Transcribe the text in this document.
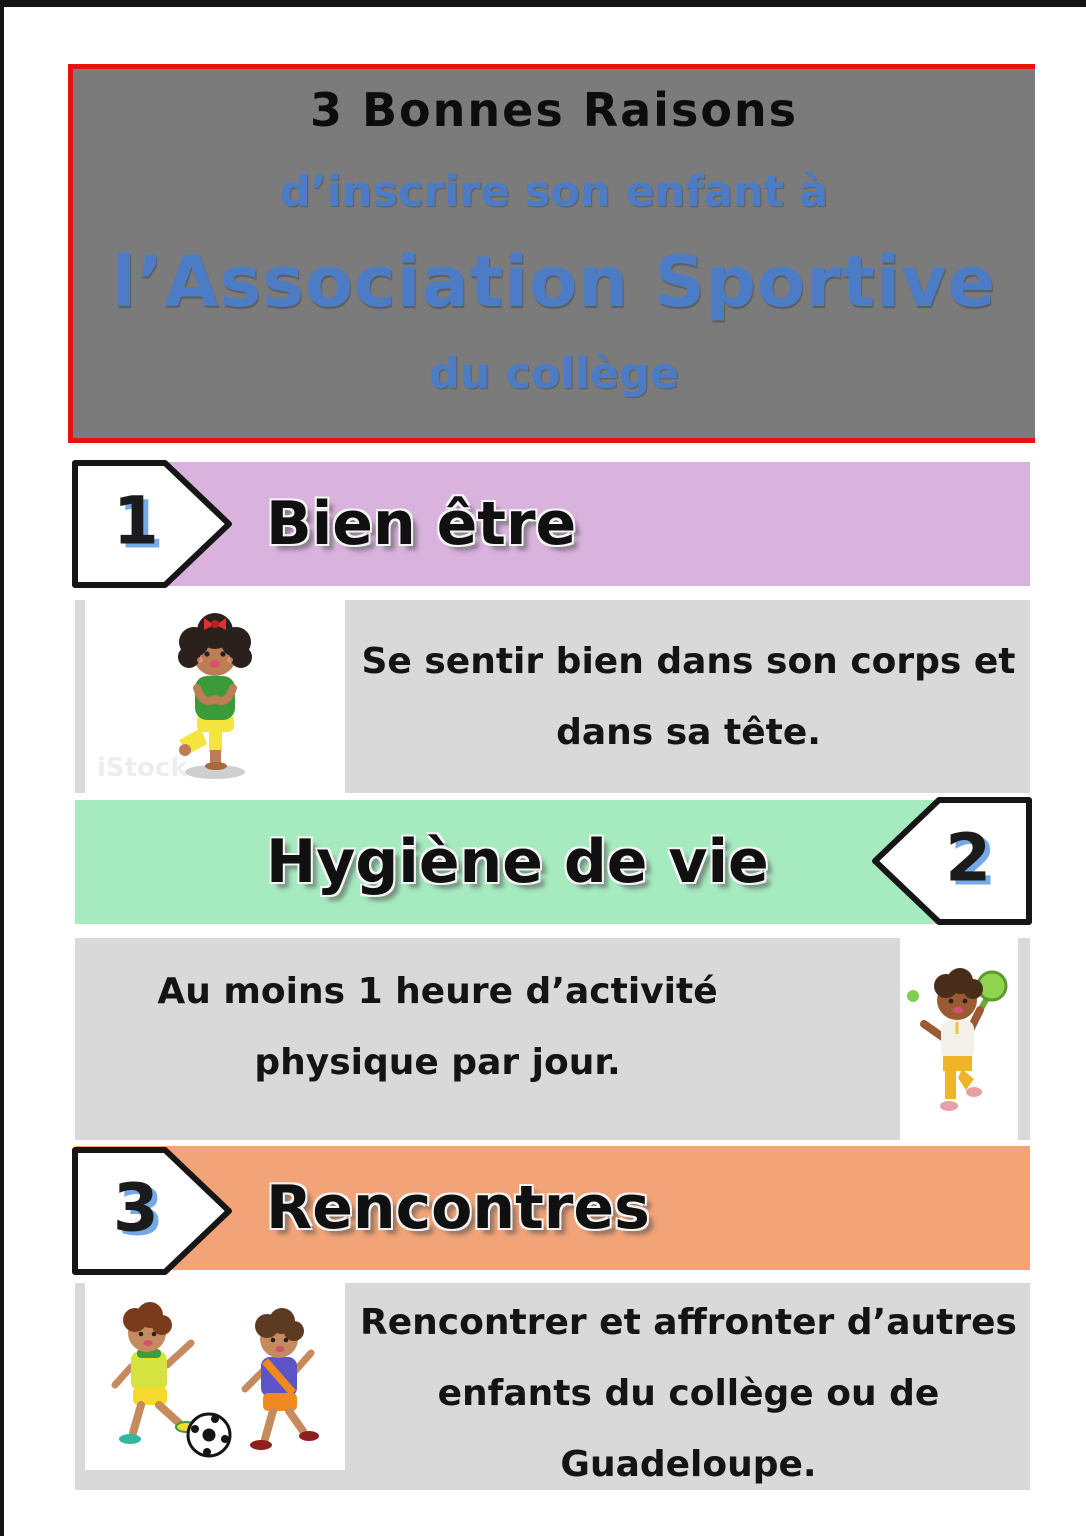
3 Bonnes Raisons
d’inscrire son enfant à
l’Association Sportive
du collège
1 Bien être
iStock
Se sentir bien dans son corps et
dans sa tête.
Hygiène de vie	2
Au moins 1 heure d’activité
physique par jour.
3 Rencontres
Rencontrer et affronter d’autres
enfants du collège ou de
Guadeloupe.
